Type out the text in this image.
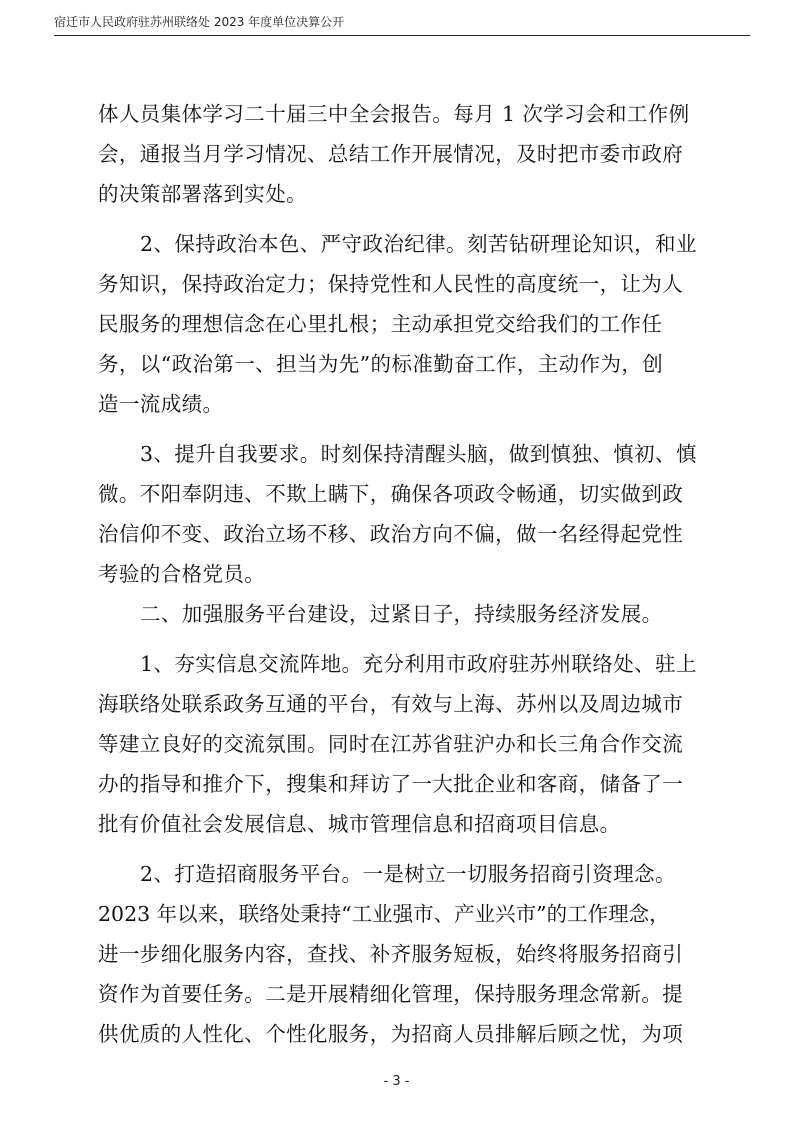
宿迁市人民政府驻苏州联络处 2023 年度单位决算公开
体人员集体学习二十届三中全会报告。每月 1 次学习会和工作例
会，通报当月学习情况、总结工作开展情况，及时把市委市政府
的决策部署落到实处。
2、保持政治本色、严守政治纪律。刻苦钻研理论知识，和业
务知识，保持政治定力；保持党性和人民性的高度统一，让为人
民服务的理想信念在心里扎根；主动承担党交给我们的工作任
务，以“政治第一、担当为先”的标准勤奋工作，主动作为，创
造一流成绩。
3、提升自我要求。时刻保持清醒头脑，做到慎独、慎初、慎
微。不阳奉阴违、不欺上瞒下，确保各项政令畅通，切实做到政
治信仰不变、政治立场不移、政治方向不偏，做一名经得起党性
考验的合格党员。
二、加强服务平台建设，过紧日子，持续服务经济发展。
1、夯实信息交流阵地。充分利用市政府驻苏州联络处、驻上
海联络处联系政务互通的平台，有效与上海、苏州以及周边城市
等建立良好的交流氛围。同时在江苏省驻沪办和长三角合作交流
办的指导和推介下，搜集和拜访了一大批企业和客商，储备了一
批有价值社会发展信息、城市管理信息和招商项目信息。
2、打造招商服务平台。一是树立一切服务招商引资理念。
2023 年以来，联络处秉持“工业强市、产业兴市”的工作理念，
进一步细化服务内容，查找、补齐服务短板，始终将服务招商引
资作为首要任务。二是开展精细化管理，保持服务理念常新。提
供优质的人性化、个性化服务，为招商人员排解后顾之忧，为项
- 3 -
